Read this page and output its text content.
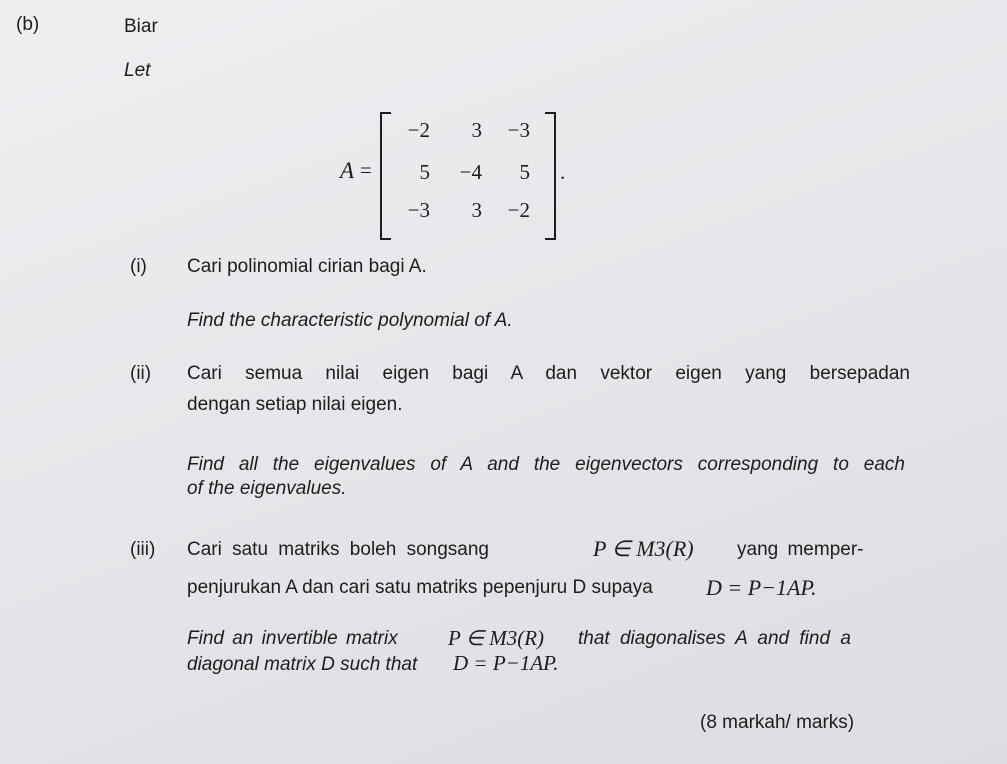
(b)	Biar
Let
A =	.
−2	3	−3
5	−4	5
−3	3	−2
(i) Cari polinomial cirian bagi A.
Find the characteristic polynomial of A.
(ii) Cari semua nilai eigen bagi A dan vektor eigen yang bersepadan
dengan setiap nilai eigen.
Find all the eigenvalues of A and the eigenvectors corresponding to each
of the eigenvalues.
(iii) Cari satu matriks boleh songsang	P ∈ M3(R) yang memper-
penjurukan A dan cari satu matriks pepenjuru D supaya D = P−1AP.
Find an invertible matrix P ∈ M3(R) that diagonalises A and find a
diagonal matrix D such that D = P−1AP.
(8 markah/ marks)
